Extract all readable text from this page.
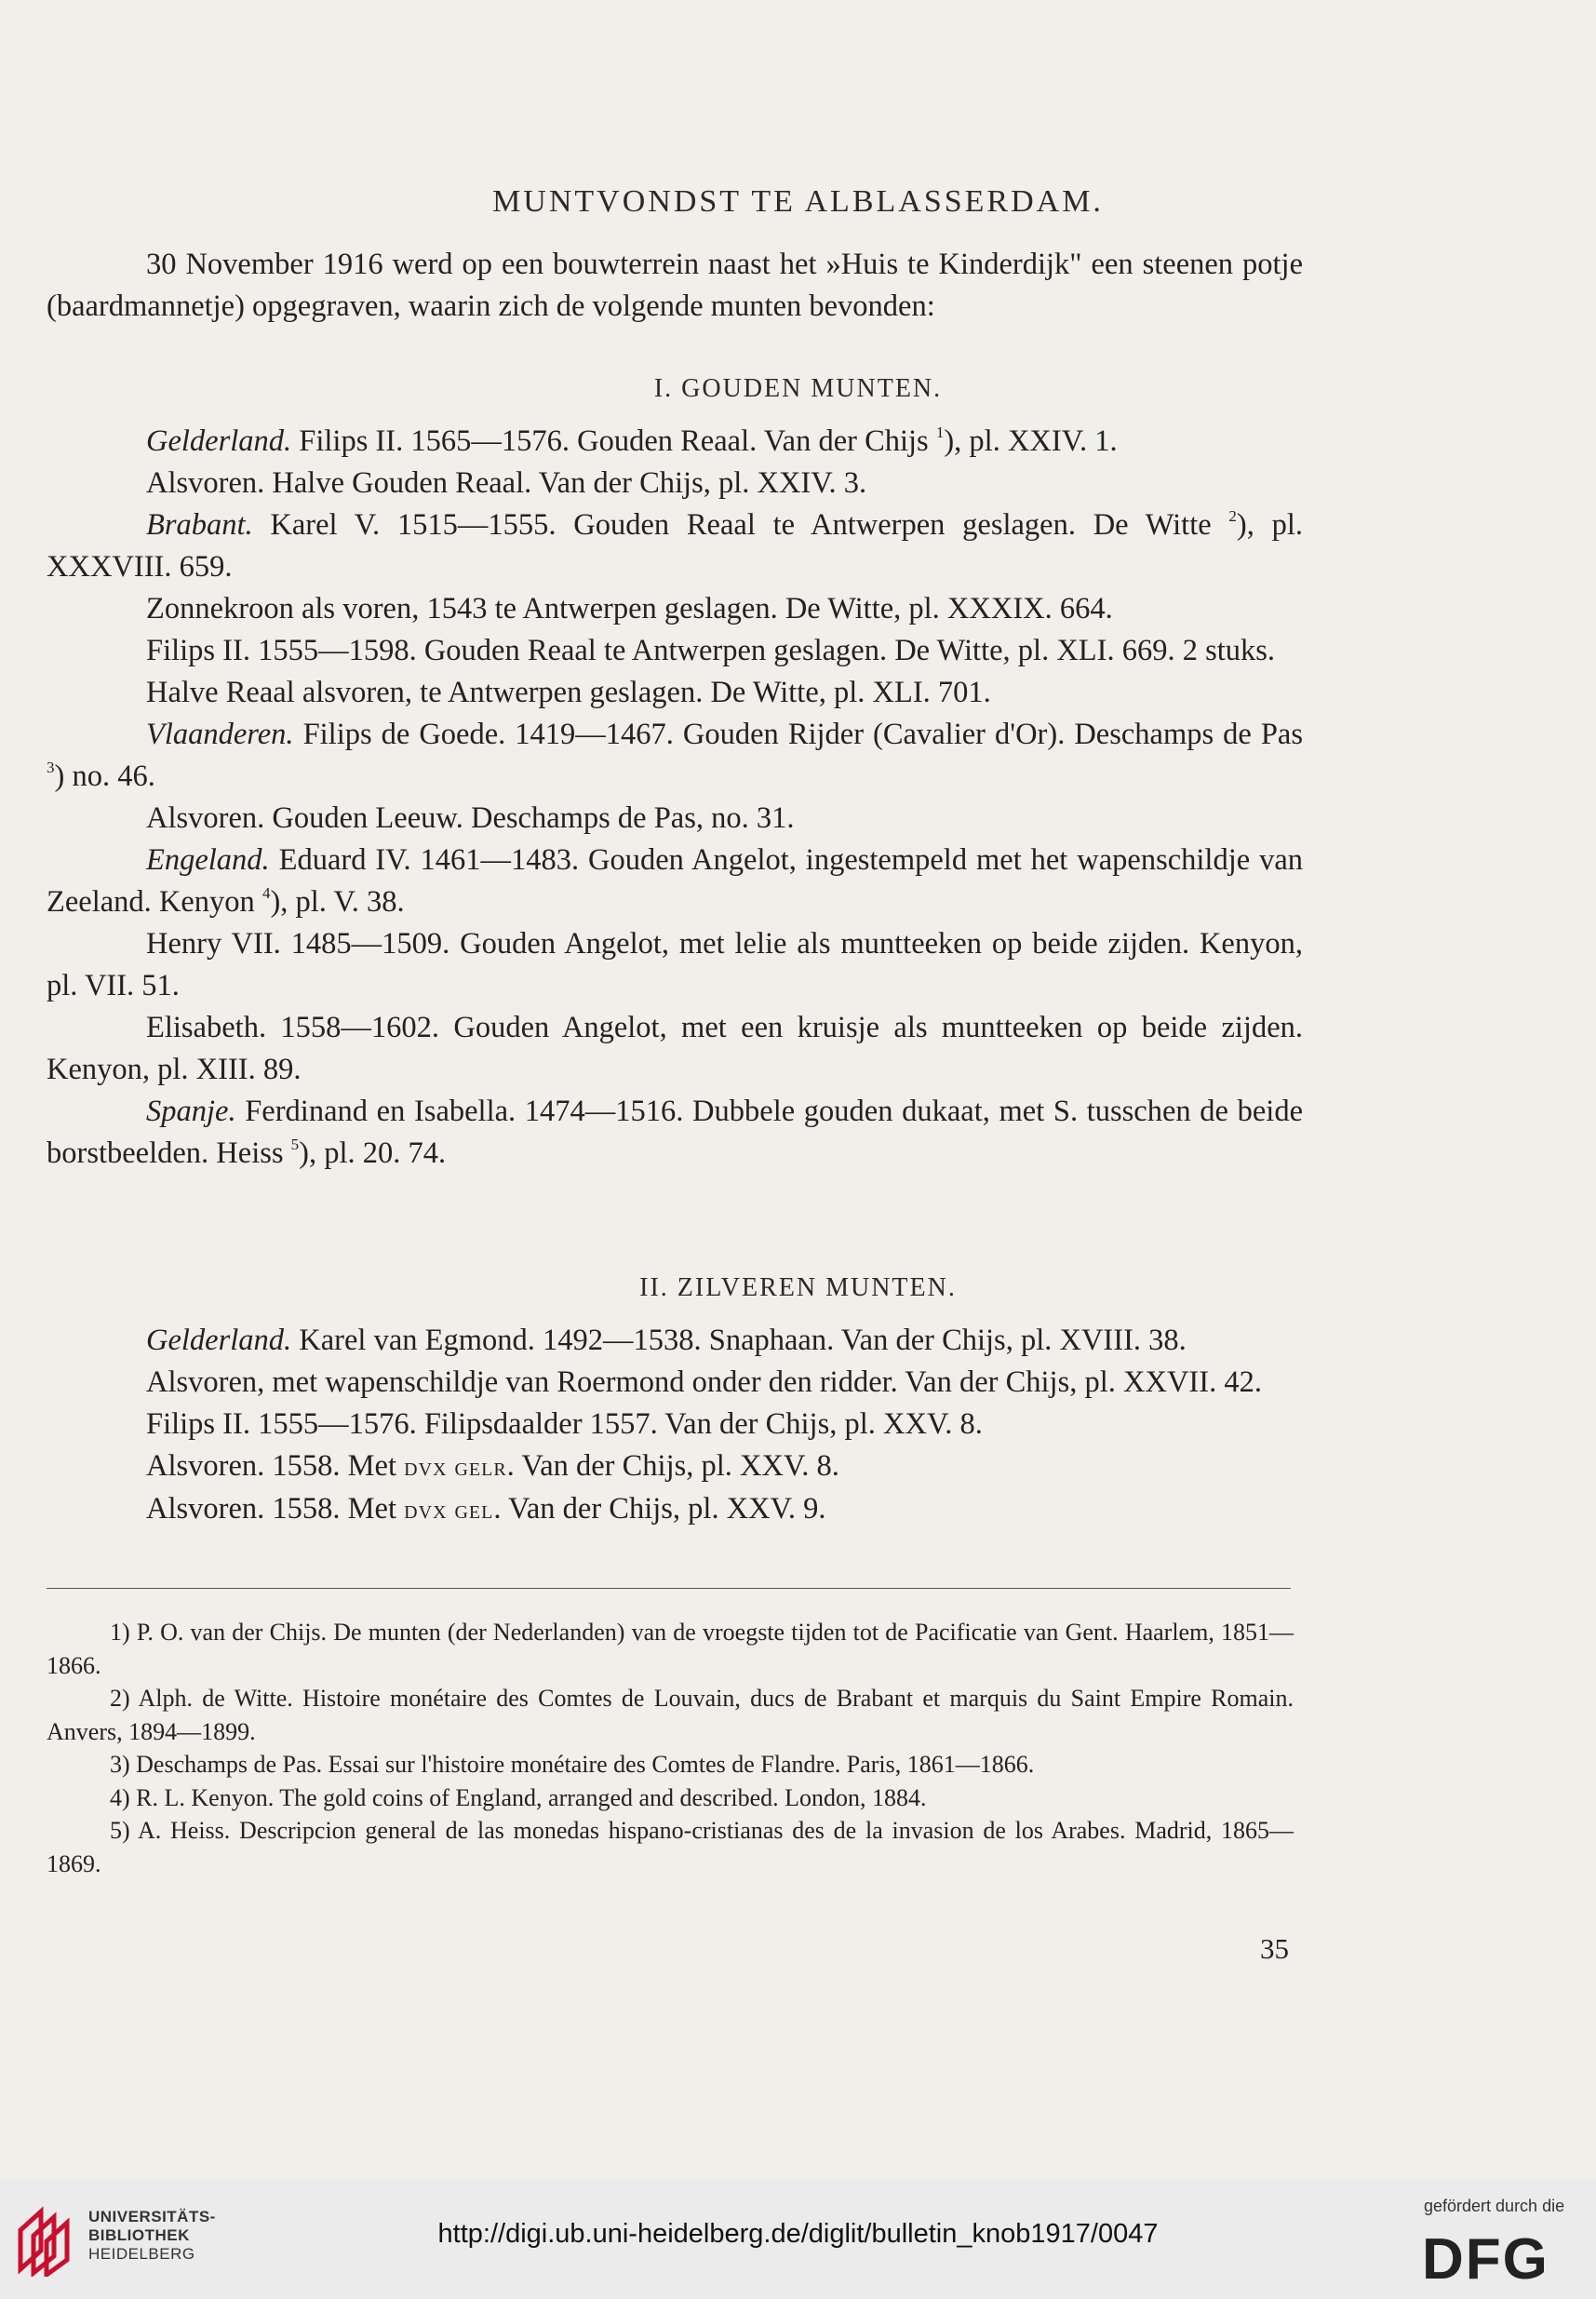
MUNTVONDST TE ALBLASSERDAM.

30 November 1916 werd op een bouwterrein naast het »Huis te Kinderdijk" een steenen potje (baardmannetje) opgegraven, waarin zich de volgende munten bevonden:

I. GOUDEN MUNTEN.

Gelderland. Filips II. 1565—1576. Gouden Reaal. Van der Chijs $^1$), pl. XXIV. 1.

Alsvoren. Halve Gouden Reaal. Van der Chijs, pl. XXIV. 3.

Brabant. Karel V. 1515—1555. Gouden Reaal te Antwerpen geslagen. De Witte $^2$), pl. XXXVIII. 659.

Zonnekroon als voren, 1543 te Antwerpen geslagen. De Witte, pl. XXXIX. 664.

Filips II. 1555—1598. Gouden Reaal te Antwerpen geslagen. De Witte, pl. XLI. 669. 2 stuks.

Halve Reaal alsvoren, te Antwerpen geslagen. De Witte, pl. XLI. 701.

Vlaanderen. Filips de Goede. 1419—1467. Gouden Rijder (Cavalier d'Or). Deschamps de Pas $^3$) no. 46.

Alsvoren. Gouden Leeuw. Deschamps de Pas, no. 31.

Engeland. Eduard IV. 1461—1483. Gouden Angelot, ingestempeld met het wapenschildje van Zeeland. Kenyon $^4$), pl. V. 38.

Henry VII. 1485—1509. Gouden Angelot, met lelie als muntteeken op beide zijden. Kenyon, pl. VII. 51.

Elisabeth. 1558—1602. Gouden Angelot, met een kruisje als muntteeken op beide zijden. Kenyon, pl. XIII. 89.

Spanje. Ferdinand en Isabella. 1474—1516. Dubbele gouden dukaat, met S. tusschen de beide borstbeelden. Heiss $^5$), pl. 20. 74.

II. ZILVEREN MUNTEN.

Gelderland. Karel van Egmond. 1492—1538. Snaphaan. Van der Chijs, pl. XVIII. 38.

Alsvoren, met wapenschildje van Roermond onder den ridder. Van der Chijs, pl. XXVII. 42.

Filips II. 1555—1576. Filipsdaalder 1557. Van der Chijs, pl. XXV. 8.

Alsvoren. 1558. Met dvx gelr. Van der Chijs, pl. XXV. 8.

Alsvoren. 1558. Met dvx gel. Van der Chijs, pl. XXV. 9.

1) P. O. van der Chijs. De munten (der Nederlanden) van de vroegste tijden tot de Pacificatie van Gent. Haarlem, 1851—1866.

2) Alph. de Witte. Histoire monétaire des Comtes de Louvain, ducs de Brabant et marquis du Saint Empire Romain. Anvers, 1894—1899.

3) Deschamps de Pas. Essai sur l'histoire monétaire des Comtes de Flandre. Paris, 1861—1866.

4) R. L. Kenyon. The gold coins of England, arranged and described. London, 1884.

5) A. Heiss. Descripcion general de las monedas hispano-cristianas des de la invasion de los Arabes. Madrid, 1865—1869.

35
UNIVERSITÄTS-
BIBLIOTHEK
HEIDELBERG
http://digi.ub.uni-heidelberg.de/diglit/bulletin_knob1917/0047
gefördert durch die
DFG
